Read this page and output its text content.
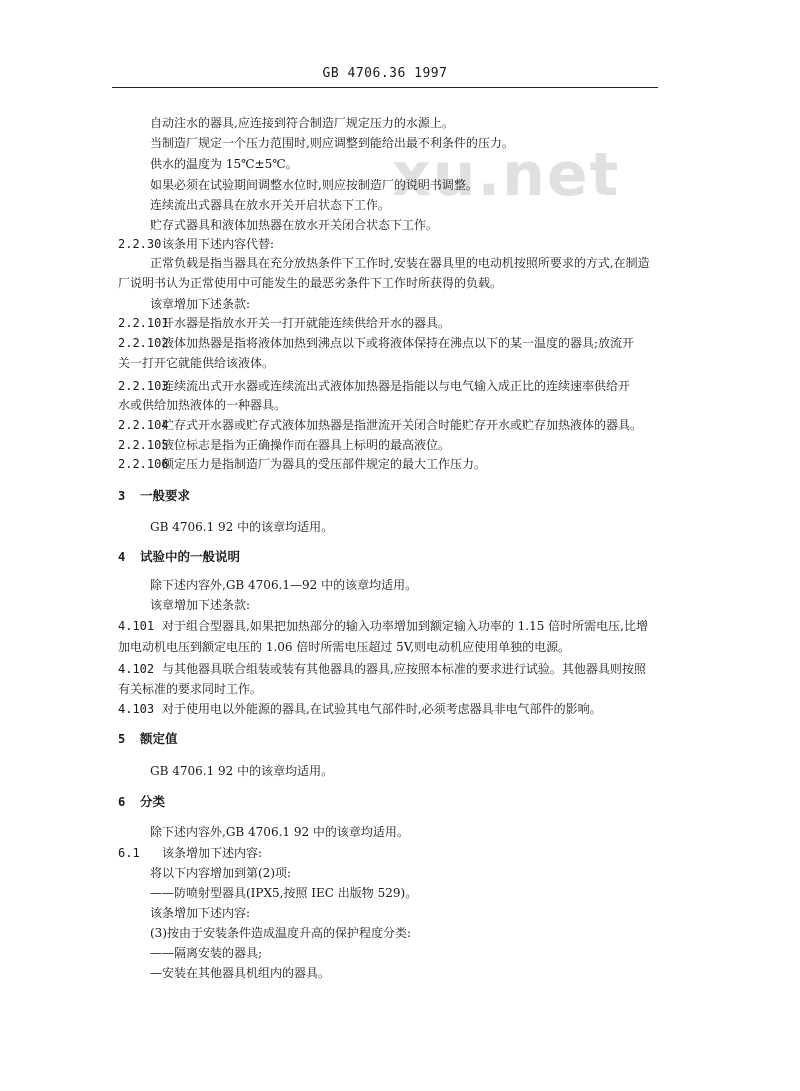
GB 4706.36 1997
xu.net
自动注水的器具,应连接到符合制造厂规定压力的水源上。
当制造厂规定一个压力范围时,则应调整到能给出最不利条件的压力。
供水的温度为 15℃±5℃。
如果必须在试验期间调整水位时,则应按制造厂的说明书调整。
连续流出式器具在放水开关开启状态下工作。
贮存式器具和液体加热器在放水开关闭合状态下工作。
2.2.30该条用下述内容代替:
正常负载是指当器具在充分放热条件下工作时,安装在器具里的电动机按照所要求的方式,在制造
厂说明书认为正常使用中可能发生的最恶劣条件下工作时所获得的负载。
该章增加下述条款:
2.2.101开水器是指放水开关一打开就能连续供给开水的器具。
2.2.102液体加热器是指将液体加热到沸点以下或将液体保持在沸点以下的某一温度的器具;放流开
关一打开它就能供给该液体。
2.2.103连续流出式开水器或连续流出式液体加热器是指能以与电气输入成正比的连续速率供给开
水或供给加热液体的一种器具。
2.2.104贮存式开水器或贮存式液体加热器是指泄流开关闭合时能贮存开水或贮存加热液体的器具。
2.2.105液位标志是指为正确操作而在器具上标明的最高液位。
2.2.106额定压力是指制造厂为器具的受压部件规定的最大工作压力。
3 一般要求
GB 4706.1 92 中的该章均适用。
4 试验中的一般说明
除下述内容外,GB 4706.1—92 中的该章均适用。
该章增加下述条款:
4.101 对于组合型器具,如果把加热部分的输入功率增加到额定输入功率的 1.15 倍时所需电压,比增
加电动机电压到额定电压的 1.06 倍时所需电压超过 5V,则电动机应使用单独的电源。
4.102 与其他器具联合组装或装有其他器具的器具,应按照本标准的要求进行试验。其他器具则按照
有关标准的要求同时工作。
4.103 对于使用电以外能源的器具,在试验其电气部件时,必须考虑器具非电气部件的影响。
5 额定值
GB 4706.1 92 中的该章均适用。
6 分类
除下述内容外,GB 4706.1 92 中的该章均适用。
6.1 该条增加下述内容:
将以下内容增加到第(2)项:
——防喷射型器具(IPX5,按照 IEC 出版物 529)。
该条增加下述内容:
(3)按由于安装条件造成温度升高的保护程度分类:
——隔离安装的器具;
—安装在其他器具机组内的器具。
